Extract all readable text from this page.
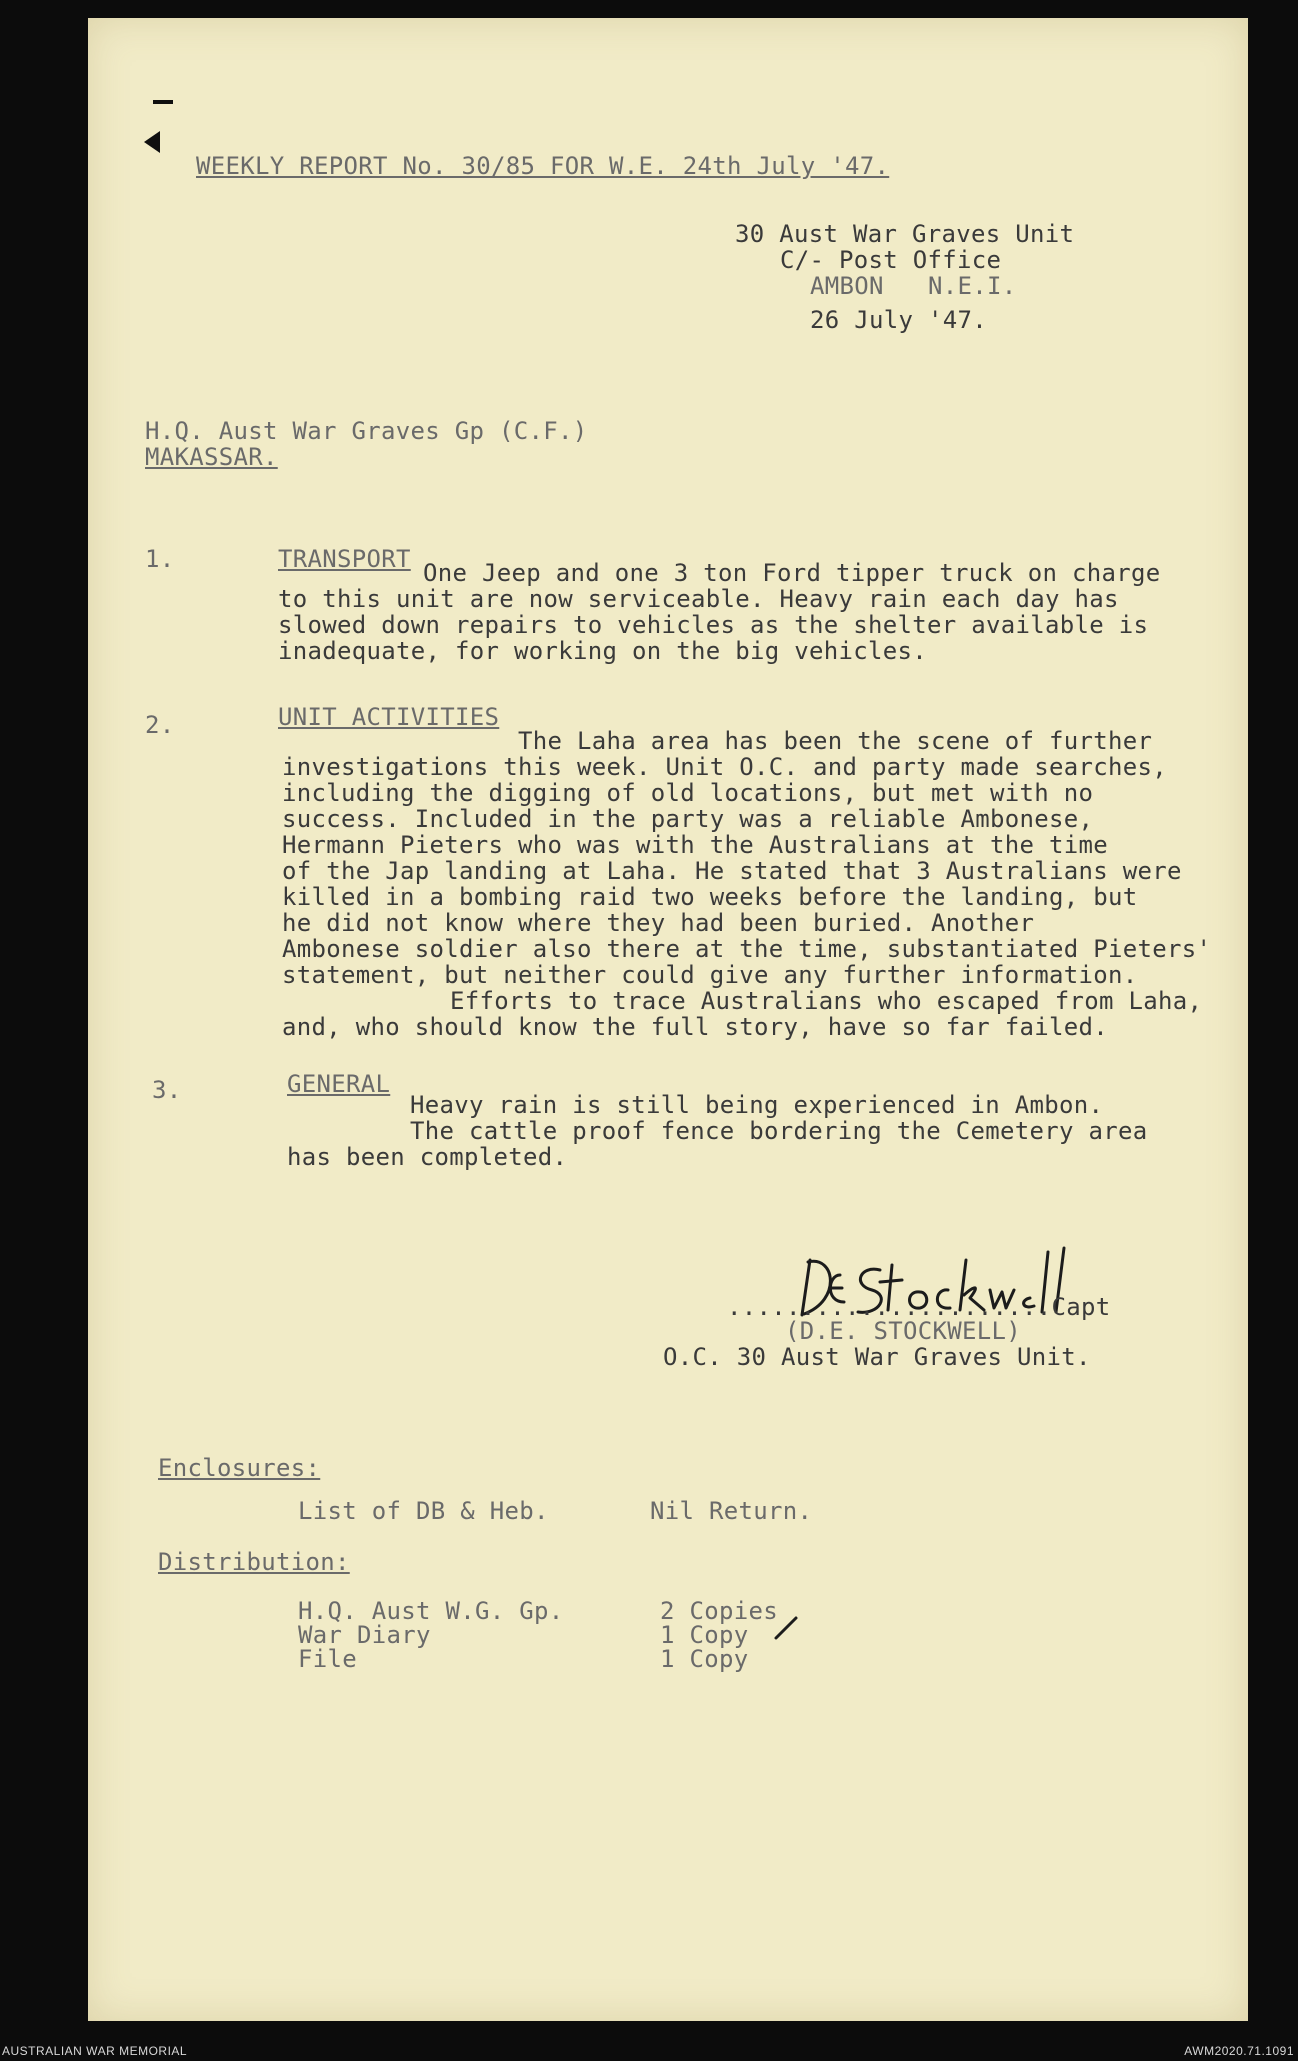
WEEKLY REPORT No. 30/85 FOR W.E. 24th July '47.
30 Aust War Graves Unit
C/- Post Office
AMBON   N.E.I.
26 July '47.
H.Q. Aust War Graves Gp (C.F.)
MAKASSAR.
1.	TRANSPORT One Jeep and one 3 ton Ford tipper truck on charge
to this unit are now serviceable. Heavy rain each day has
slowed down repairs to vehicles as the shelter available is
inadequate, for working on the big vehicles.
2.	UNIT ACTIVITIES
The Laha area has been the scene of further
investigations this week. Unit O.C. and party made searches,
including the digging of old locations, but met with no
success. Included in the party was a reliable Ambonese,
Hermann Pieters who was with the Australians at the time
of the Jap landing at Laha. He stated that 3 Australians were
killed in a bombing raid two weeks before the landing, but
he did not know where they had been buried. Another
Ambonese soldier also there at the time, substantiated Pieters'
statement, but neither could give any further information.
Efforts to trace Australians who escaped from Laha,
and, who should know the full story, have so far failed.
3.	GENERAL
Heavy rain is still being experienced in Ambon.
The cattle proof fence bordering the Cemetery area
has been completed.
......................Capt
(D.E. STOCKWELL)
O.C. 30 Aust War Graves Unit.
Enclosures:
List of DB & Heb.	Nil Return.
Distribution:
H.Q. Aust W.G. Gp.	2 Copies
War Diary	1 Copy
File	1 Copy
AUSTRALIAN WAR MEMORIAL	AWM2020.71.1091
